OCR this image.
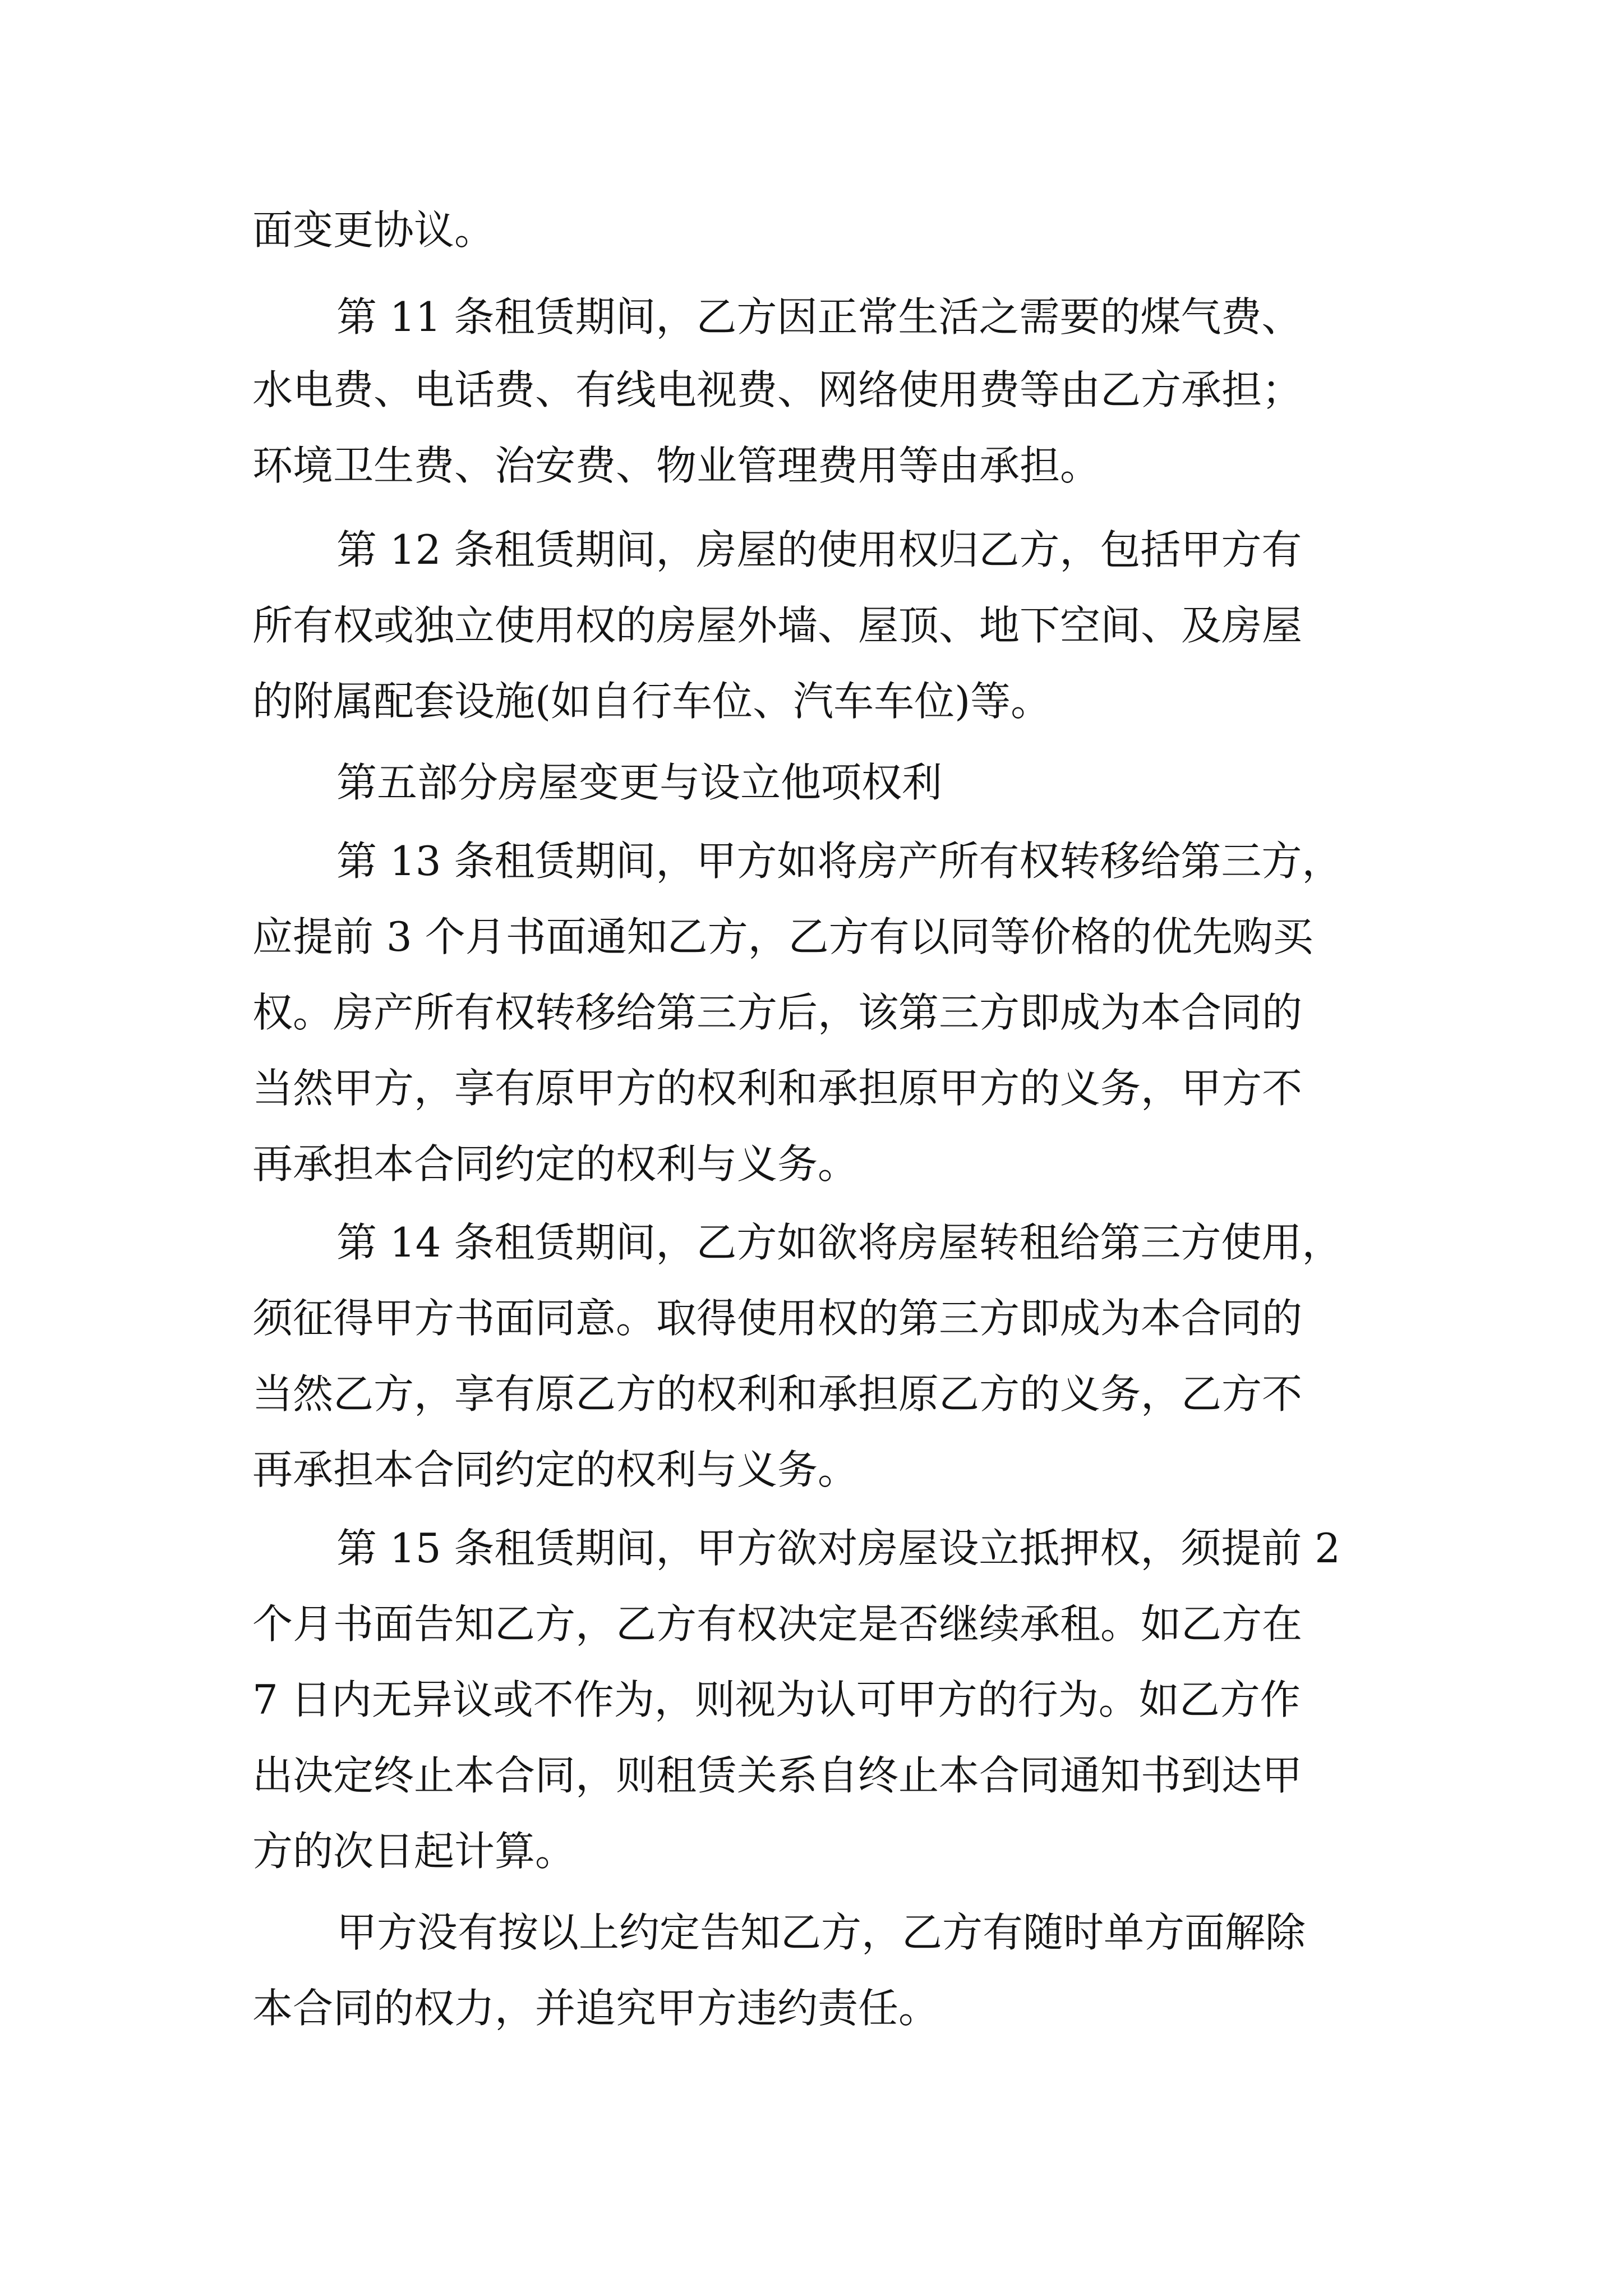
面变更协议。

第 11 条租赁期间，乙方因正常生活之需要的煤气费、

水电费、电话费、有线电视费、网络使用费等由乙方承担；

环境卫生费、治安费、物业管理费用等由承担。

第 12 条租赁期间，房屋的使用权归乙方，包括甲方有

所有权或独立使用权的房屋外墙、屋顶、地下空间、及房屋

的附属配套设施(如自行车位、汽车车位)等。

第五部分房屋变更与设立他项权利

第 13 条租赁期间，甲方如将房产所有权转移给第三方，

应提前 3 个月书面通知乙方，乙方有以同等价格的优先购买

权。房产所有权转移给第三方后，该第三方即成为本合同的

当然甲方，享有原甲方的权利和承担原甲方的义务，甲方不

再承担本合同约定的权利与义务。

第 14 条租赁期间，乙方如欲将房屋转租给第三方使用，

须征得甲方书面同意。取得使用权的第三方即成为本合同的

当然乙方，享有原乙方的权利和承担原乙方的义务，乙方不

再承担本合同约定的权利与义务。

第 15 条租赁期间，甲方欲对房屋设立抵押权，须提前 2

个月书面告知乙方，乙方有权决定是否继续承租。如乙方在

7 日内无异议或不作为，则视为认可甲方的行为。如乙方作

出决定终止本合同，则租赁关系自终止本合同通知书到达甲

方的次日起计算。

甲方没有按以上约定告知乙方，乙方有随时单方面解除

本合同的权力，并追究甲方违约责任。
